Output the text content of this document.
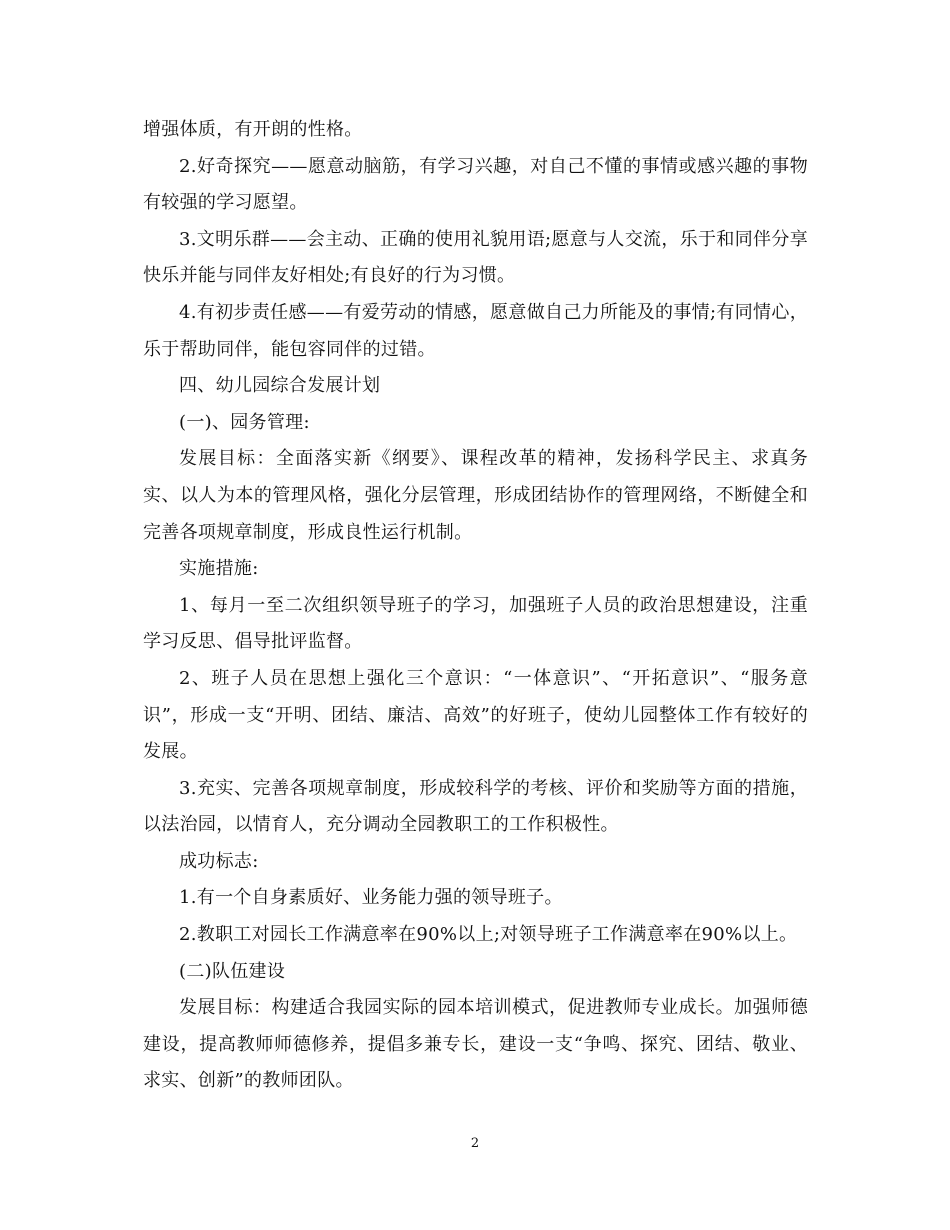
增强体质，有开朗的性格。

2.好奇探究——愿意动脑筋，有学习兴趣，对自己不懂的事情或感兴趣的事物有较强的学习愿望。

3.文明乐群——会主动、正确的使用礼貌用语;愿意与人交流，乐于和同伴分享快乐并能与同伴友好相处;有良好的行为习惯。

4.有初步责任感——有爱劳动的情感，愿意做自己力所能及的事情;有同情心，乐于帮助同伴，能包容同伴的过错。

四、幼儿园综合发展计划

(一)、园务管理:

发展目标：全面落实新《纲要》、课程改革的精神，发扬科学民主、求真务实、以人为本的管理风格，强化分层管理，形成团结协作的管理网络，不断健全和完善各项规章制度，形成良性运行机制。

实施措施:

1、每月一至二次组织领导班子的学习，加强班子人员的政治思想建设，注重学习反思、倡导批评监督。

2、班子人员在思想上强化三个意识：“一体意识”、“开拓意识”、“服务意识”，形成一支“开明、团结、廉洁、高效”的好班子，使幼儿园整体工作有较好的发展。

3.充实、完善各项规章制度，形成较科学的考核、评价和奖励等方面的措施，以法治园，以情育人，充分调动全园教职工的工作积极性。

成功标志:

1.有一个自身素质好、业务能力强的领导班子。

2.教职工对园长工作满意率在90%以上;对领导班子工作满意率在90%以上。

(二)队伍建设

发展目标：构建适合我园实际的园本培训模式，促进教师专业成长。加强师德建设，提高教师师德修养，提倡多兼专长，建设一支“争鸣、探究、团结、敬业、求实、创新”的教师团队。

2
